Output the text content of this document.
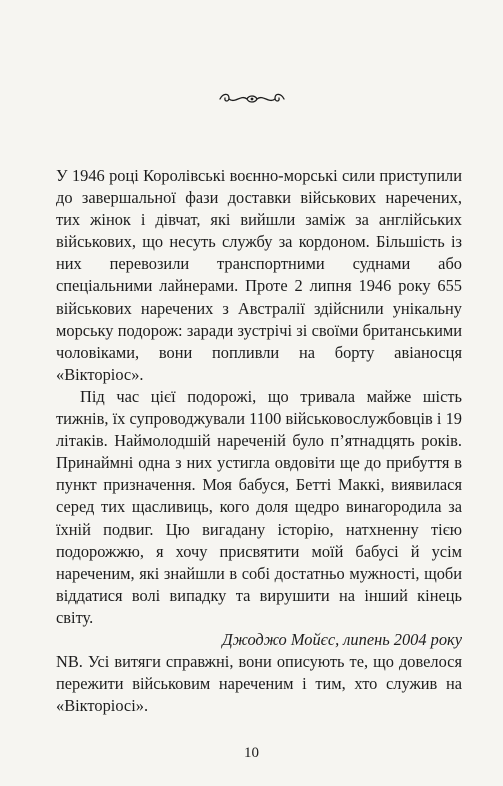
У 1946 році Королівські воєнно-морські сили приступили до завершальної фази доставки військових наречених, тих жінок і дівчат, які вийшли заміж за англійських військових, що несуть службу за кордоном. Більшість із них перевозили транспортними суднами або спеціальними лайнерами. Проте 2 липня 1946 року 655 військових наречених з Австралії здійснили унікальну морську подорож: заради зустрічі зі своїми британськими чоловіками, вони попливли на борту авіаносця «Вікторіос».

Під час цієї подорожі, що тривала майже шість тижнів, їх супроводжували 1100 військовослужбовців і 19 літаків. Наймолодшій нареченій було п’ятнадцять років. Принаймні одна з них устигла овдовіти ще до прибуття в пункт призначення. Моя бабуся, Бетті Маккі, виявилася серед тих щасливиць, кого доля щедро винагородила за їхній подвиг. Цю вигадану історію, натхненну тією подорожжю, я хочу присвятити моїй бабусі й усім нареченим, які знайшли в собі достатньо мужності, щоби віддатися волі випадку та вирушити на інший кінець світу.

Джоджо Мойєс, липень 2004 року

NB. Усі витяги справжні, вони описують те, що довелося пережити військовим нареченим і тим, хто служив на «Вікторіосі».

10
